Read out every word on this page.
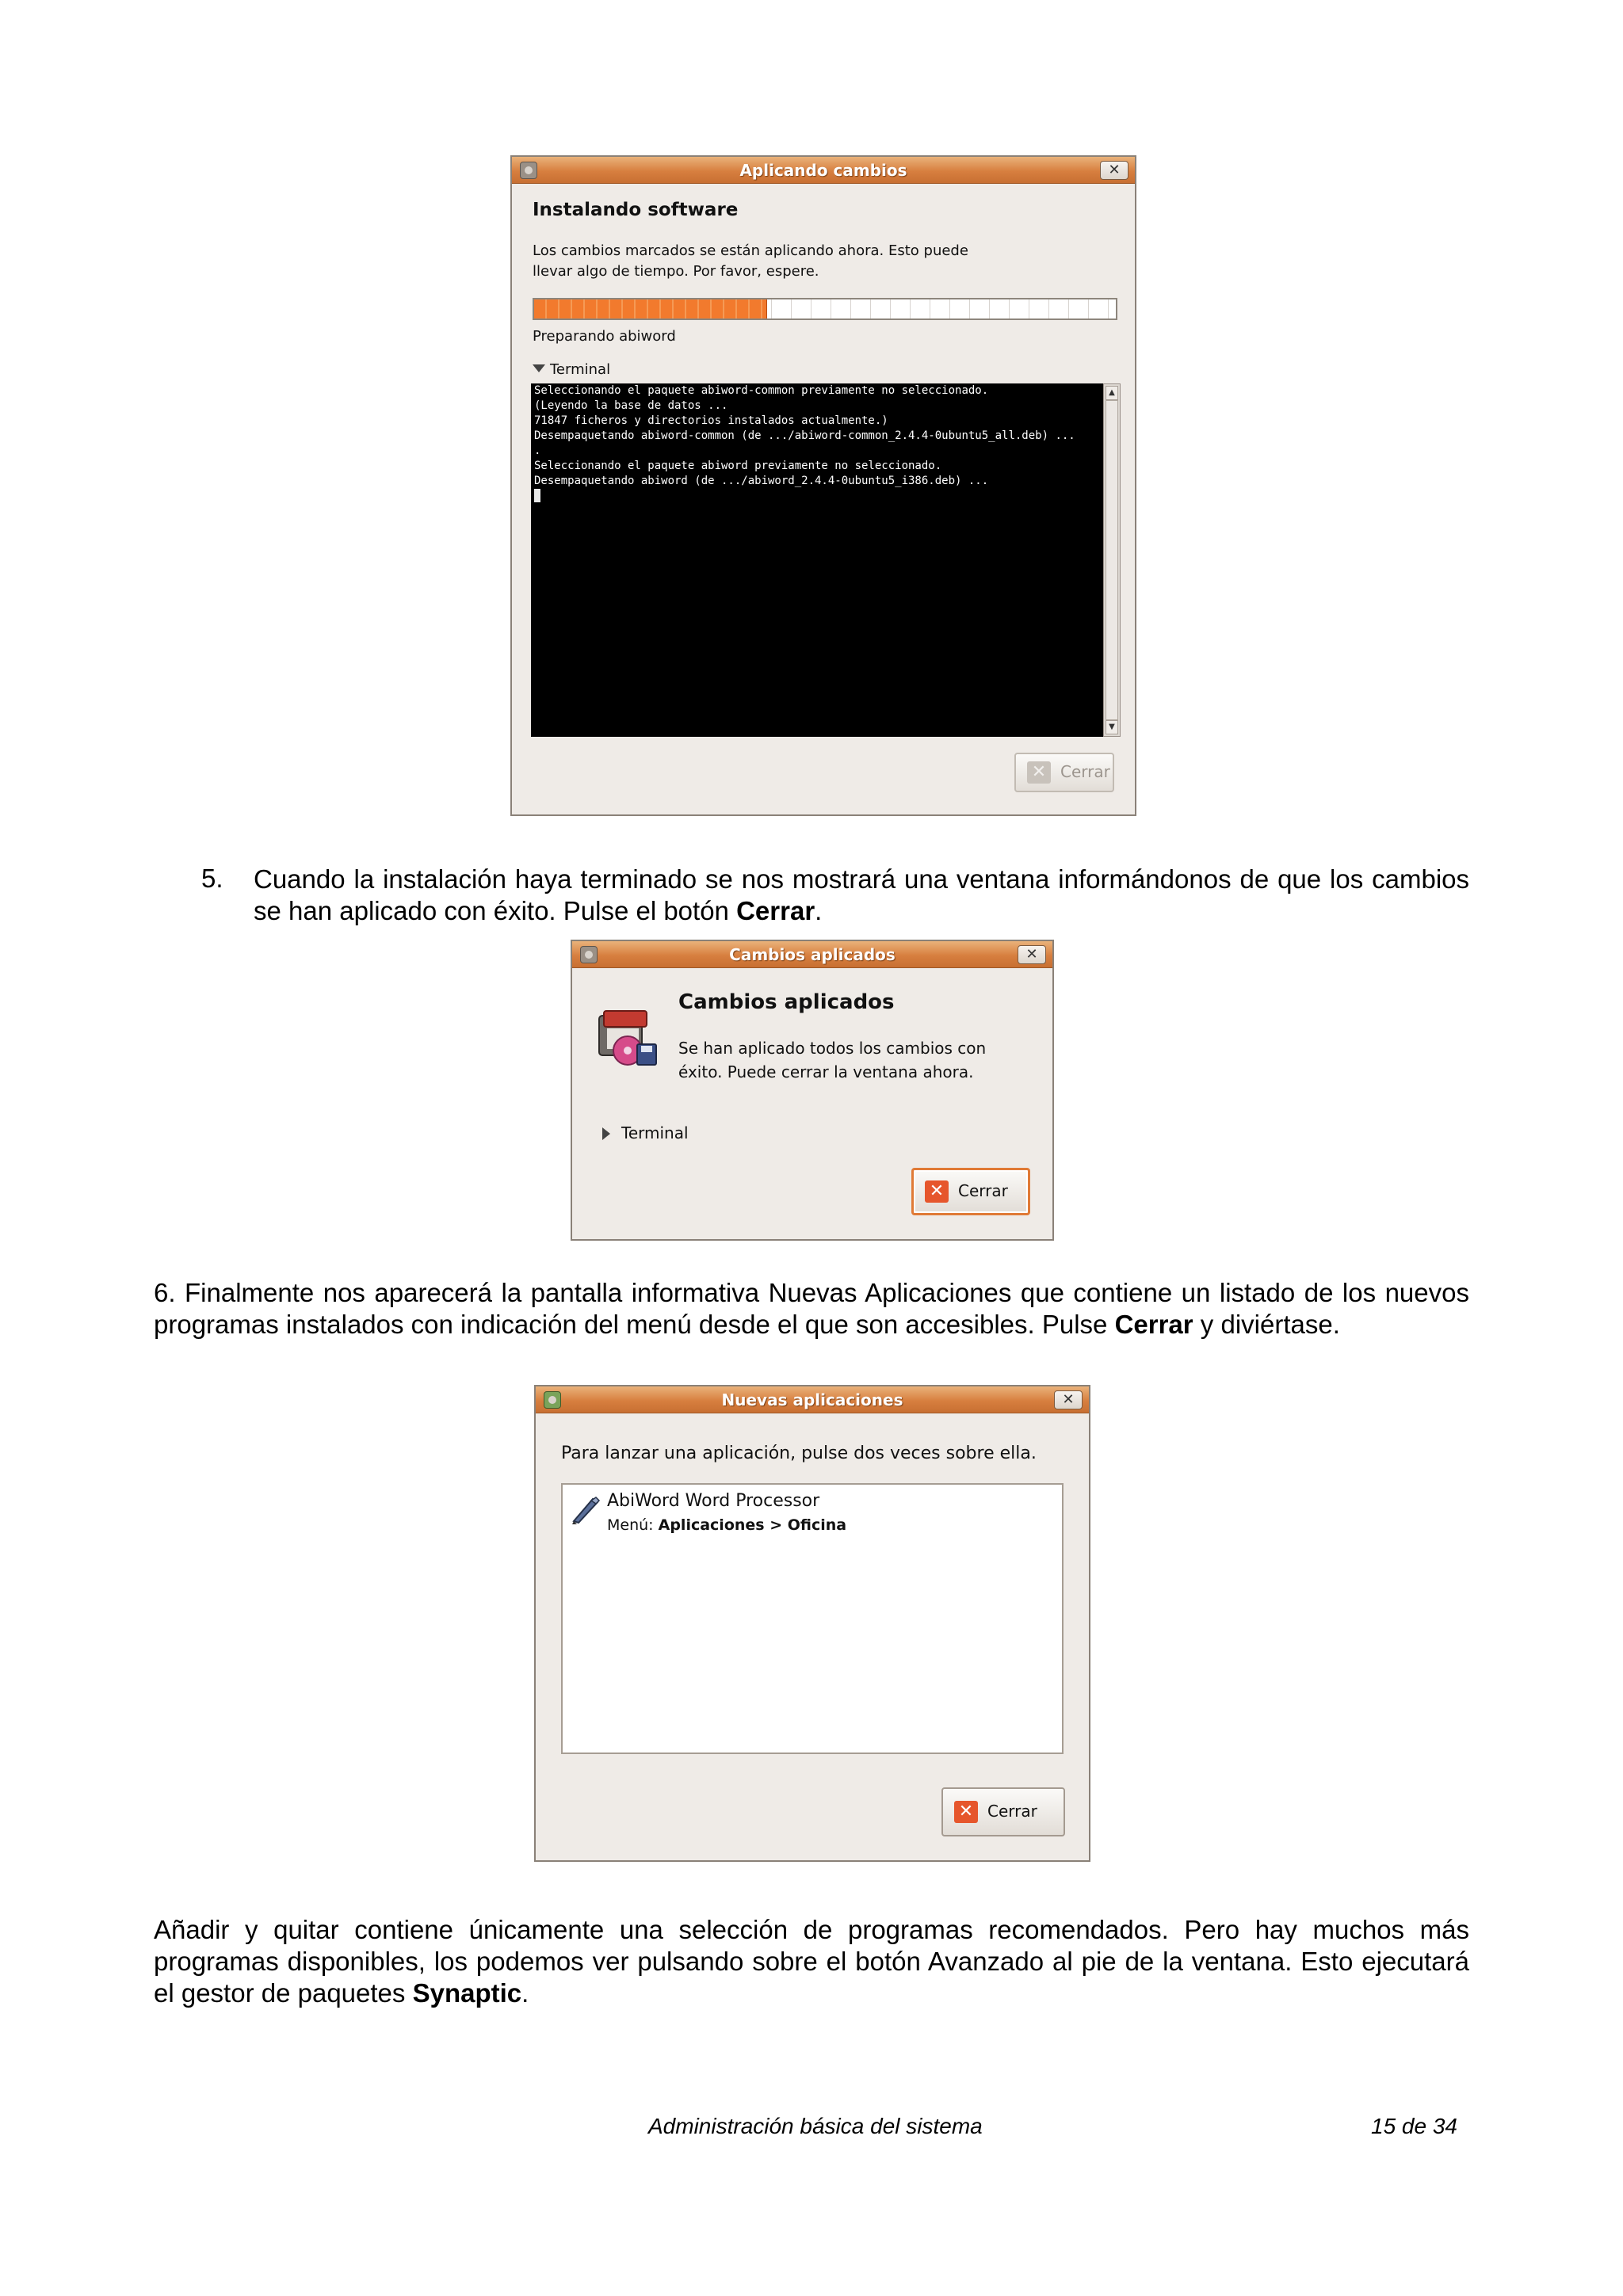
Aplicando cambios	✕
Instalando software
Los cambios marcados se están aplicando ahora. Esto puede
llevar algo de tiempo. Por favor, espere.
Preparando abiword
Terminal
Seleccionando el paquete abiword-common previamente no seleccionado.
(Leyendo la base de datos ...
71847 ficheros y directorios instalados actualmente.)
Desempaquetando abiword-common (de .../abiword-common_2.4.4-0ubuntu5_all.deb) ...
.
Seleccionando el paquete abiword previamente no seleccionado.
Desempaquetando abiword (de .../abiword_2.4.4-0ubuntu5_i386.deb) ...
▲
▼
✕ Cerrar
5. Cuando la instalación haya terminado se nos mostrará una ventana informándonos de que los cambios se han aplicado con éxito. Pulse el botón Cerrar.
Cambios aplicados	✕
Cambios aplicados
Se han aplicado todos los cambios con
éxito. Puede cerrar la ventana ahora.
Terminal
✕ Cerrar
6. Finalmente nos aparecerá la pantalla informativa Nuevas Aplicaciones que contiene un listado de los nuevos programas instalados con indicación del menú desde el que son accesibles. Pulse Cerrar y diviértase.
Nuevas aplicaciones	✕
Para lanzar una aplicación, pulse dos veces sobre ella.
AbiWord Word Processor
Menú: Aplicaciones > Oficina
✕ Cerrar
Añadir y quitar contiene únicamente una selección de programas recomendados. Pero hay muchos más programas disponibles, los podemos ver pulsando sobre el botón Avanzado al pie de la ventana. Esto ejecutará el gestor de paquetes Synaptic.
Administración básica del sistema	15 de 34
